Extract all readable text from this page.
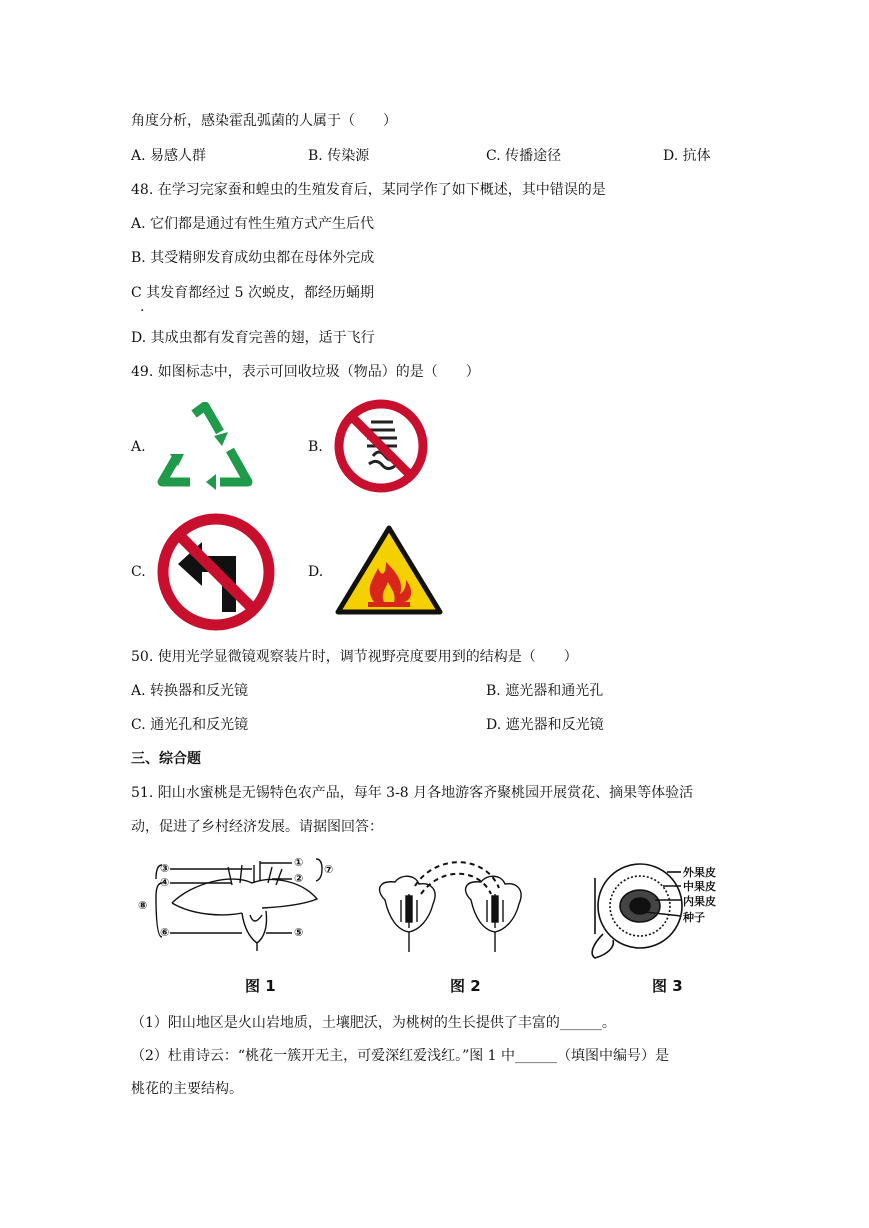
角度分析，感染霍乱弧菌的人属于（　　）
A. 易感人群	B. 传染源	C. 传播途径	D. 抗体
48. 在学习完家蚕和蝗虫的生殖发育后，某同学作了如下概述，其中错误的是
A. 它们都是通过有性生殖方式产生后代
B. 其受精卵发育成幼虫都在母体外完成
C 其发育都经过 5 次蜕皮，都经历蛹期
·
D. 其成虫都有发育完善的翅，适于飞行
49. 如图标志中，表示可回收垃圾（物品）的是（　　）
A.	B.
C.	D.
50. 使用光学显微镜观察装片时，调节视野亮度要用到的结构是（　　）
A. 转换器和反光镜	B. 遮光器和通光孔
C. 通光孔和反光镜	D. 遮光器和反光镜
三、综合题
51. 阳山水蜜桃是无锡特色农产品，每年 3-8 月各地游客齐聚桃园开展赏花、摘果等体验活
动，促进了乡村经济发展。请据图回答：
③
④
⑧
⑥
①
②
⑦
⑤
图 1	图 2
外果皮
中果皮
内果皮
种子
图 3
（1）阳山地区是火山岩地质，土壤肥沃，为桃树的生长提供了丰富的______。
（2）杜甫诗云：“桃花一簇开无主，可爱深红爱浅红。”图 1 中______（填图中编号）是
桃花的主要结构。
